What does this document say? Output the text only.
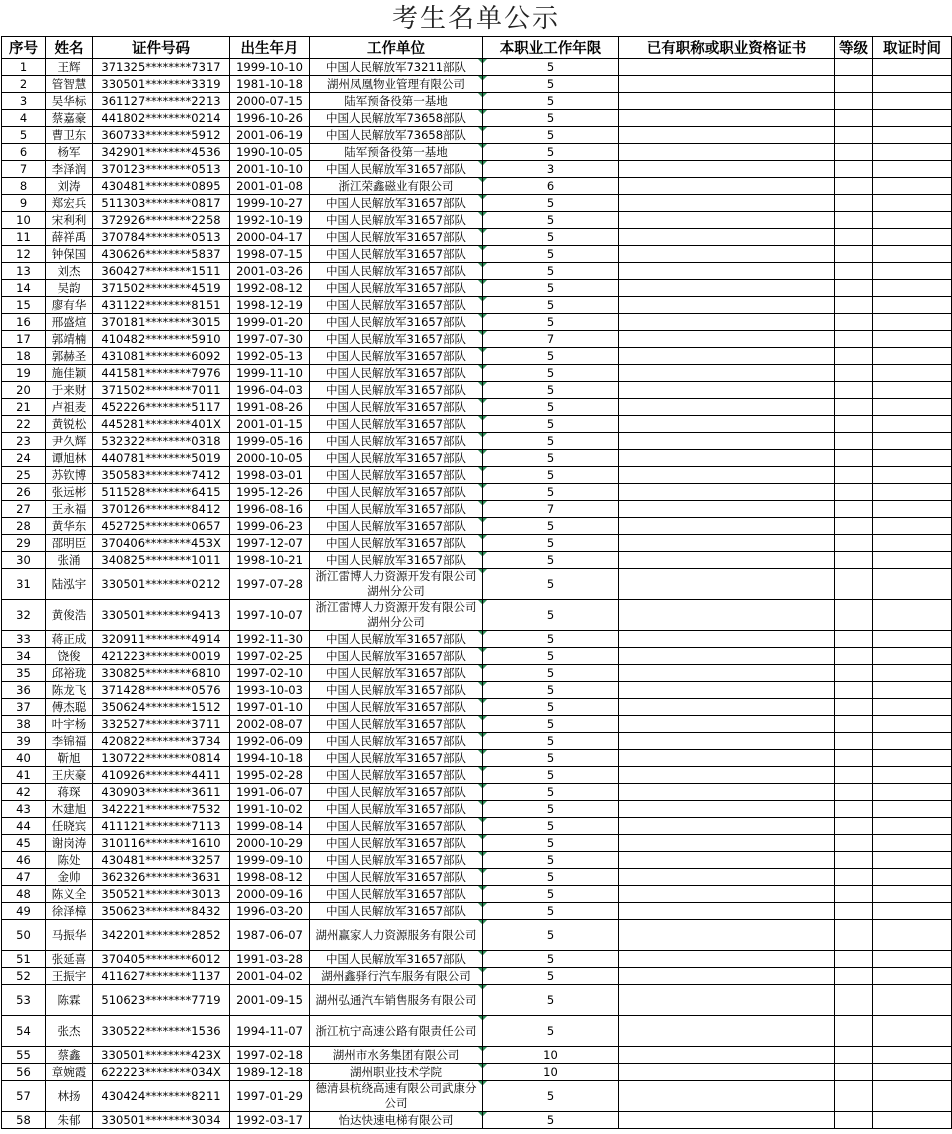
考生名单公示
序号	姓名	证件号码	出生年月	工作单位	本职业工作年限	已有职称或职业资格证书	等级	取证时间
1	王辉	371325********7317	1999-10-10	中国人民解放军73211部队	5			
2	管智慧	330501********3319	1981-10-18	湖州凤凰物业管理有限公司	5			
3	吴华标	361127********2213	2000-07-15	陆军预备役第一基地	5			
4	蔡嘉豪	441802********0214	1996-10-26	中国人民解放军73658部队	5			
5	曹卫东	360733********5912	2001-06-19	中国人民解放军73658部队	5			
6	杨军	342901********4536	1990-10-05	陆军预备役第一基地	5			
7	李泽润	370123********0513	2001-10-10	中国人民解放军31657部队	3			
8	刘涛	430481********0895	2001-01-08	浙江荣鑫磁业有限公司	6			
9	郑宏兵	511303********0817	1999-10-27	中国人民解放军31657部队	5			
10	宋利利	372926********2258	1992-10-19	中国人民解放军31657部队	5			
11	薛祥禹	370784********0513	2000-04-17	中国人民解放军31657部队	5			
12	钟保国	430626********5837	1998-07-15	中国人民解放军31657部队	5			
13	刘杰	360427********1511	2001-03-26	中国人民解放军31657部队	5			
14	吴韵	371502********4519	1992-08-12	中国人民解放军31657部队	5			
15	廖有华	431122********8151	1998-12-19	中国人民解放军31657部队	5			
16	邢盛煊	370181********3015	1999-01-20	中国人民解放军31657部队	5			
17	郭靖楠	410482********5910	1997-07-30	中国人民解放军31657部队	7			
18	郭赫圣	431081********6092	1992-05-13	中国人民解放军31657部队	5			
19	施佳颖	441581********7976	1999-11-10	中国人民解放军31657部队	5			
20	于来财	371502********7011	1996-04-03	中国人民解放军31657部队	5			
21	卢祖麦	452226********5117	1991-08-26	中国人民解放军31657部队	5			
22	黄锐松	445281********401X	2001-01-15	中国人民解放军31657部队	5			
23	尹久辉	532322********0318	1999-05-16	中国人民解放军31657部队	5			
24	谭旭林	440781********5019	2000-10-05	中国人民解放军31657部队	5			
25	苏钦博	350583********7412	1998-03-01	中国人民解放军31657部队	5			
26	张远彬	511528********6415	1995-12-26	中国人民解放军31657部队	5			
27	王永福	370126********8412	1996-08-16	中国人民解放军31657部队	7			
28	黄华东	452725********0657	1999-06-23	中国人民解放军31657部队	5			
29	邵明臣	370406********453X	1997-12-07	中国人民解放军31657部队	5			
30	张涌	340825********1011	1998-10-21	中国人民解放军31657部队	5			
31	陆泓宇	330501********0212	1997-07-28	浙江雷博人力资源开发有限公司湖州分公司	5			
32	黄俊浩	330501********9413	1997-10-07	浙江雷博人力资源开发有限公司湖州分公司	5			
33	蒋正成	320911********4914	1992-11-30	中国人民解放军31657部队	5			
34	饶俊	421223********0019	1997-02-25	中国人民解放军31657部队	5			
35	邱裕珑	330825********6810	1997-02-10	中国人民解放军31657部队	5			
36	陈龙飞	371428********0576	1993-10-03	中国人民解放军31657部队	5			
37	傅杰聪	350624********1512	1997-01-10	中国人民解放军31657部队	5			
38	叶宇杨	332527********3711	2002-08-07	中国人民解放军31657部队	5			
39	李锦福	420822********3734	1992-06-09	中国人民解放军31657部队	5			
40	靳旭	130722********0814	1994-10-18	中国人民解放军31657部队	5			
41	王庆豪	410926********4411	1995-02-28	中国人民解放军31657部队	5			
42	蒋琛	430903********3611	1991-06-07	中国人民解放军31657部队	5			
43	木建旭	342221********7532	1991-10-02	中国人民解放军31657部队	5			
44	任晓宾	411121********7113	1999-08-14	中国人民解放军31657部队	5			
45	谢岗涛	310116********1610	2000-10-29	中国人民解放军31657部队	5			
46	陈处	430481********3257	1999-09-10	中国人民解放军31657部队	5			
47	金帅	362326********3631	1998-08-12	中国人民解放军31657部队	5			
48	陈义全	350521********3013	2000-09-16	中国人民解放军31657部队	5			
49	徐泽樟	350623********8432	1996-03-20	中国人民解放军31657部队	5			
50	马振华	342201********2852	1987-06-07	湖州赢家人力资源服务有限公司	5			
51	张延喜	370405********6012	1991-03-28	中国人民解放军31657部队	5			
52	王振宇	411627********1137	2001-04-02	湖州鑫驿行汽车服务有限公司	5			
53	陈霖	510623********7719	2001-09-15	湖州弘通汽车销售服务有限公司	5			
54	张杰	330522********1536	1994-11-07	浙江杭宁高速公路有限责任公司	5			
55	蔡鑫	330501********423X	1997-02-18	湖州市水务集团有限公司	10			
56	章婉霞	622223********034X	1989-12-18	湖州职业技术学院	10			
57	林扬	430424********8211	1997-01-29	德清县杭绕高速有限公司武康分公司	5			
58	朱郁	330501********3034	1992-03-17	怡达快速电梯有限公司	5			
